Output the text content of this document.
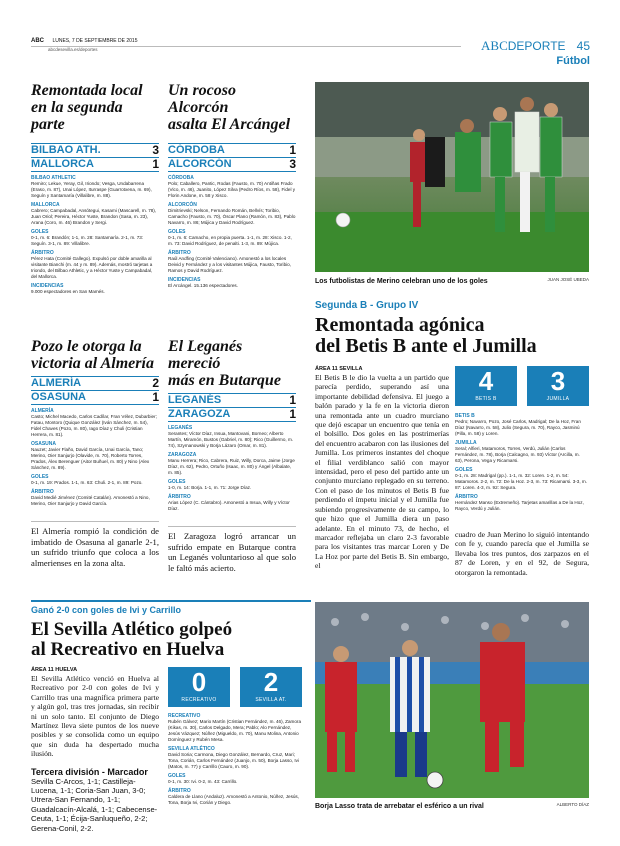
ABC LUNES, 7 DE SEPTIEMBRE DE 2015
abcdesevilla.es/deportes	ABCDEPORTE 45
Fútbol
Remontada local
en la segunda parte
BILBAO ATH.	3
MALLORCA	1
BILBAO ATHLETIC
Remiro; Lekue, Yeray, Gil, Iriondo; Vesga, Undabarrena (Eraso, m. 87), Unai López, Iturraspe (Guarrotxena, m. 69), Seguín y Santamaría (Villalibre, m. 88).
MALLORCA
Cabrero; Campabadal, Ansótegui, Kasami (Mascarell, m. 78), Juan Oriol; Pereira, Héctor Yuste, Brandon (Sasa, m. 23), Arana (Coro, m. 46) Brandon y Sergi.
GOLES
0-1, m. 6: Brandón; 1-1, m. 28: Santamaría. 2-1, m. 73: Seguín. 3-1, m. 89: Villalibre.
ÁRBITRO
Pérez Hata (Comité Gallego). Expulsó por doble amarilla al visitante Bianchi (m. 44 y m. 89). Además, mostró tarjetas a Iriondo, del Bilbao Athletic, y a Héctor Yuste y Campabadal, del Mallorca.
INCIDENCIAS
9.000 espectadores en San Mamés.
Un rocoso Alcorcón
asalta El Arcángel
CÓRDOBA	1
ALCORCÓN	3
CÓRDOBA
Polo; Caballero, Pantic, Rodas (Fausto, m. 70) Antiñas Frado (Vico, m. 46), Juanito, López Silva (Pedro Ríos, m. 58), Fidel y Florin Andone, m. 58 y Xisco.
ALCORCÓN
Dimitrievski; Nelson, Fernando Román, Bellvís; Toribio, Camacho (Fausto, m. 70), Óscar Plano (Ramón, m. 83), Pablo Navarro, m. 86; Mújica y David Rodríguez.
GOLES
0-1, m. 6: Camacho, en propia puerta. 1-1, m. 28: Xisco. 1-2, m. 73: David Rodríguez, de penalti. 1-3, m. 89: Mújica.
ÁRBITRO
Raúl Andfing (Comité Valenciano). Amonestó a los locales Deivid y Fernández y a los visitantes Mújica, Fausto, Toribio, Ramos y David Rodríguez.
INCIDENCIAS
El Arcángel. 15.136 espectadores.
Los futbolistas de Merino celebran uno de los goles	JUAN JOSÉ UBEDA
Pozo le otorga la
victoria al Almería
ALMERÍA	2
OSASUNA	1
ALMERÍA
Casto; Michel Macedo, Carlos Cadílar, Fran Vélez, Dubarbier; Fatau, Montoro (Quique González (Iván Sánchez, m. 54), Fidel Chaves (Pozo, m. 80), Iago Díaz y Chuli (Cristian Herrera, m. 81).
OSASUNA
Nauzet; Javier Flaño, David García, Unai García, Tano; Merino, Oier Sanjurjo (Olavide, m. 70), Roberto Torres, Prados, Álex Berenguer (Aitor Buñuel, m. 80) y Nino (Alex Sánchez, m. 89).
GOLES
0-1, m. 19: Prados. 1-1, m. 63: Chuli. 2-1, m. 89: Pozo.
ÁRBITRO
David Medié Jiménez (Comité Catalán). Amonestó a Nino, Merino, Oier Sanjurjo y David García.
El Almería rompió la condición de imbatido de Osasuna al ganarle 2-1, un sufrido triunfo que coloca a los almerienses en la zona alta.
El Leganés mereció
más en Butarque
LEGANÉS	1
ZARAGOZA	1
LEGANÉS
Serantes; Víctor Díaz, Insua, Mantovani, Borneo; Alberto Martín, Miramón, Bustos (Gabriel, m. 80); Rico (Guillermo, m. 74), Szymanowski y Borja Lázaro (Omar, m. 81).
ZARAGOZA
Manu Herrera; Rico, Cabrera, Ruiz, Willy, Dorca, Jaime (Jorge Díaz, m. 62), Pedro, Ortuño (Isaac, m. 80) y Ángel (Albalate, m. 85).
GOLES
1-0, m. 14: Borja. 1-1, m. 71: Jorge Díaz.
ÁRBITRO
Arias López (C. Cántabro). Amonestó a Insua, Willy y Víctor Díaz.
El Zaragoza logró arrancar un sufrido empate en Butarque contra un Leganés voluntarioso al que solo le faltó más acierto.
Segunda B - Grupo IV
Remontada agónica
del Betis B ante el Jumilla
ÁREA 11 SEVILLA
El Betis B le dio la vuelta a un partido que parecía perdido, superando así una importante debilidad defensiva. El juego a balón parado y la fe en la victoria dieron una remontada ante un cuadro murciano que dejó escapar un encuentro que tenía en el bolsillo. Dos goles en las postrimerías del encuentro acabaron con las ilusiones del Jumilla. Los primeros instantes del choque el filial verdiblanco salió con mayor intensidad, pero el peso del partido ante un conjunto murciano replegado en su terreno. Con el paso de los minutos el Betis B fue perdiendo el ímpetu inicial y el Jumilla fue subiendo progresivamente de su campo, lo que hizo que el Jumilla diera un paso adelante. En el minuto 73, de hecho, el marcador reflejaba un claro 2-3 favorable para los visitantes tras marcar Loren y De La Hoz por parte del Betis B. Sin embargo, el
4
BETIS B
3
JUMILLA
BETIS B
Pedro; Navarro, Pozo, José Carlos, Madrigal; De la Hoz, Fran Díaz (Navarro, m. 58), Julio (Segura, m. 70), Rayco, Jasminú (Pilla, m. 58) y Loren.
JUMILLA
Seral; Alfieri, Matamoros, Torres, Verdú, Julián (Carlos Fernández, m. 78), Borja (Calcagno, m. 93) Víctor (Arcilla, m. 63), Perona, Vega y Ricamarsi.
GOLES
0-1, m. 28: Madrigal (pp.). 1-1, m. 32: Loren. 1-2, m. 54: Matamoros. 2-2, m. 72: De la Hoz. 2-3, m. 73: Ricamarsi. 3-3, m. 87: Loren. 4-3, m. 92: Segura.
ÁRBITRO
Hernández Manso (Extremeño). Tarjetas amarillas a De la Hoz, Rayco, Verdú y Julián.
cuadro de Juan Merino lo siguió intentando con fe y, cuando parecía que el Jumilla se llevaba los tres puntos, dos zarpazos en el 87 de Loren, y en el 92, de Segura, otorgaron la remontada.
Ganó 2-0 con goles de Ivi y Carrillo
El Sevilla Atlético golpeó
al Recreativo en Huelva
ÁREA 11 HUELVA
El Sevilla Atlético venció en Huelva al Recreativo por 2-0 con goles de Ivi y Carrillo tras una magnífica primera parte y algún gol, tras tres jornadas, sin recibir ni un solo tanto. El conjunto de Diego Martínez lleva siete puntos de los nueve posibles y se consolida como un equipo que sin duda ha despertado mucha ilusión.
Tercera división - Marcador
Sevilla C-Arcos, 1-1; Castilleja-Lucena, 1-1; Coria-San Juan, 3-0; Utrera-San Fernando, 1-1; Guadalcacín-Alcalá, 1-1; Cabecense-Ceuta, 1-1; Écija-Sanluqueño, 2-2; Gerena-Conil, 2-2.
0
RECREATIVO
2
SEVILLA AT.
RECREATIVO
Rubén Gálvez; Mario Martín (Cristian Fernández, m. 46), Zamora (Kikas, m. 30), Carlos Delgado, Mera; Pablo; Alo Fernández, Jesús Vázquez; Núñez (Migueldo, m. 70), Manu Molina, Antonio Domínguez y Rubén Mesa.
SEVILLA ATLÉTICO
David Soria; Carmona, Diego González, Bernardo, Cruz, Mari; Tona, Corián, Carlos Fernández (Juanjo, m. 50), Borja Lasso, Ivi (Matos, m. 77) y Carrillo (Cauro, m. 90).
GOLES
0-1, m. 30: Ivi. 0-2, m. 43: Carrillo.
ÁRBITRO
Caldera de Llano (Andaluz). Amonestó a Antonio, Núñez, Jesús, Tona, Borja Ivi, Corián y Diego.
Borja Lasso trata de arrebatar el esférico a un rival	ALBERTO DÍAZ
